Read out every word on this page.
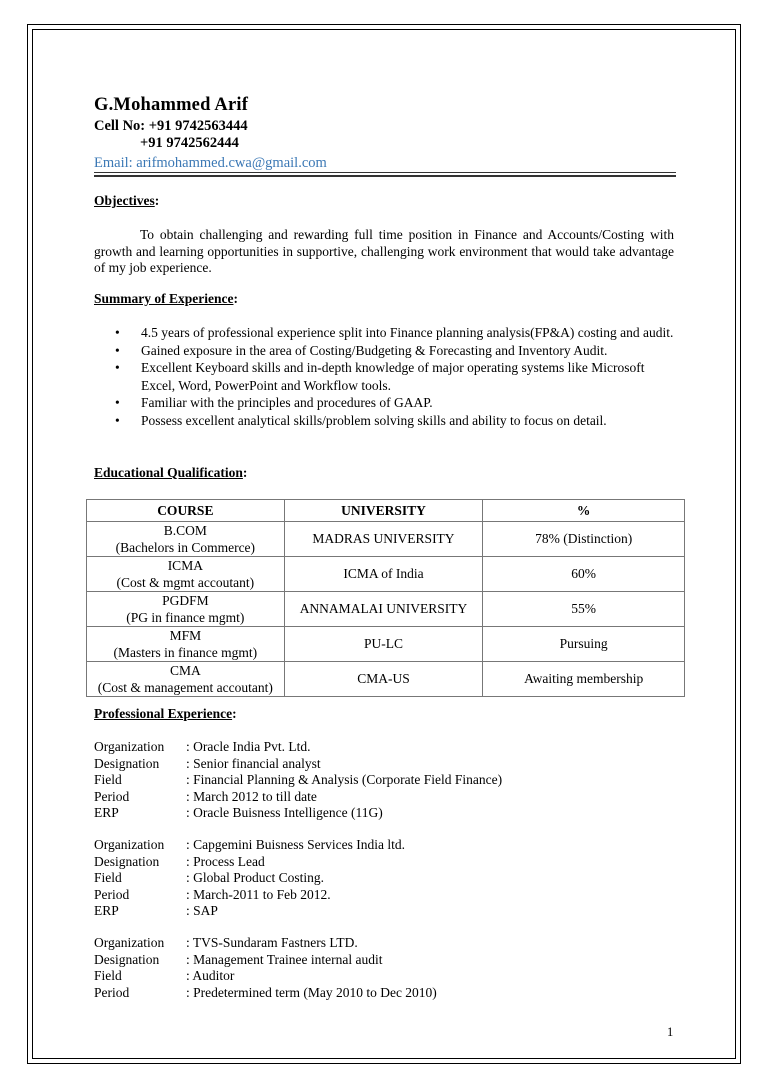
G.Mohammed Arif
Cell No: +91 9742563444
+91 9742562444
Email: arifmohammed.cwa@gmail.com
Objectives:
To obtain challenging and rewarding full time position in Finance and Accounts/Costing with growth and learning opportunities in supportive, challenging work environment that would take advantage of my job experience.
Summary of Experience:
• 4.5 years of professional experience split into Finance planning analysis(FP&A) costing and audit.
• Gained exposure in the area of Costing/Budgeting & Forecasting and Inventory Audit.
• Excellent Keyboard skills and in-depth knowledge of major operating systems like Microsoft Excel, Word, PowerPoint and Workflow tools.
• Familiar with the principles and procedures of GAAP.
• Possess excellent analytical skills/problem solving skills and ability to focus on detail.
Educational Qualification:
COURSE	UNIVERSITY	%

B.COM
(Bachelors in Commerce)	MADRAS UNIVERSITY	78% (Distinction)

ICMA
(Cost & mgmt accoutant)	ICMA of India	60%

PGDFM
(PG in finance mgmt)	ANNAMALAI UNIVERSITY	55%

MFM
(Masters in finance mgmt)	PU-LC	Pursuing

CMA
(Cost & management accoutant)	CMA-US	Awaiting membership
Professional Experience:
Organization : Oracle India Pvt. Ltd.
Designation : Senior financial analyst
Field	: Financial Planning & Analysis (Corporate Field Finance)
Period	: March 2012 to till date
ERP	: Oracle Buisness Intelligence (11G)
Organization : Capgemini Buisness Services India ltd.
Designation : Process Lead
Field	: Global Product Costing.
Period	: March-2011 to Feb 2012.
ERP	: SAP
Organization : TVS-Sundaram Fastners LTD.
Designation : Management Trainee internal audit
Field	: Auditor
Period	: Predetermined term (May 2010 to Dec 2010)
1
